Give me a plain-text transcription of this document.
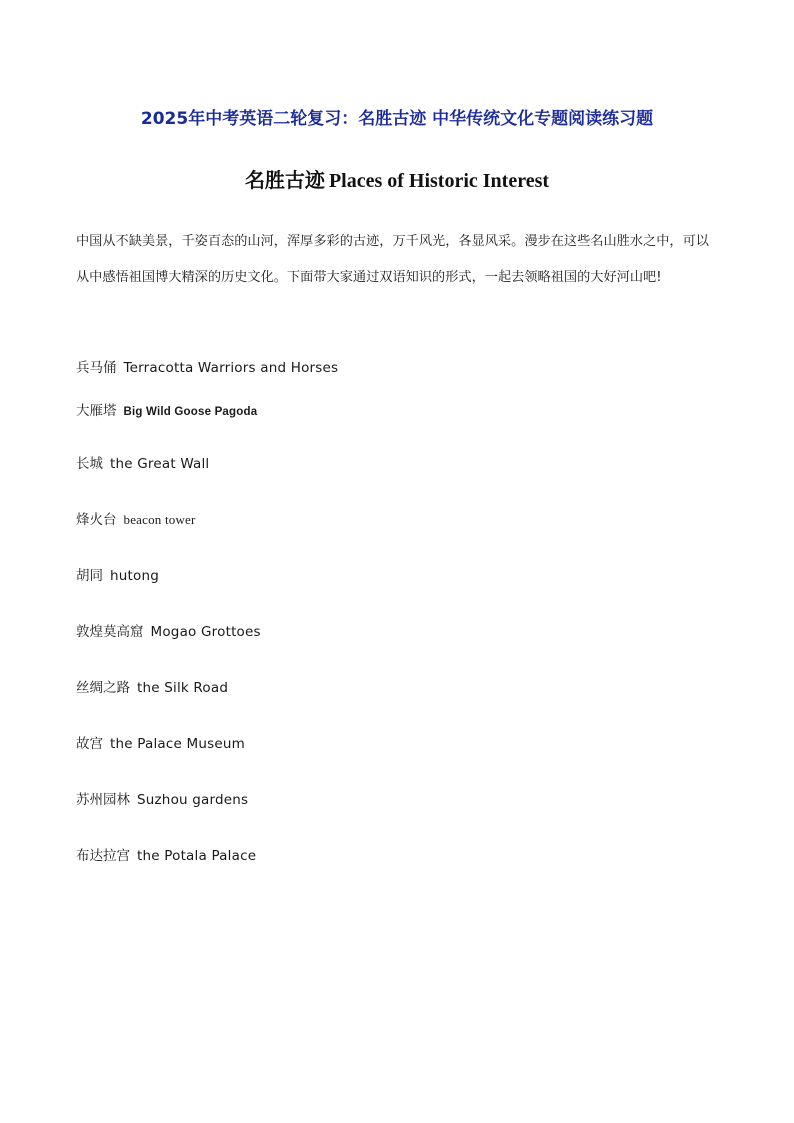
2025年中考英语二轮复习：名胜古迹 中华传统文化专题阅读练习题
名胜古迹 Places of Historic Interest
中国从不缺美景，千姿百态的山河，浑厚多彩的古迹，万千风光，各显风采。漫步在这些名山胜水之中，可以从中感悟祖国博大精深的历史文化。下面带大家通过双语知识的形式，一起去领略祖国的大好河山吧!
兵马俑 Terracotta Warriors and Horses
大雁塔 Big Wild Goose Pagoda
长城 the Great Wall
烽火台 beacon tower
胡同 hutong
敦煌莫高窟 Mogao Grottoes
丝绸之路 the Silk Road
故宫 the Palace Museum
苏州园林 Suzhou gardens
布达拉宫 the Potala Palace
